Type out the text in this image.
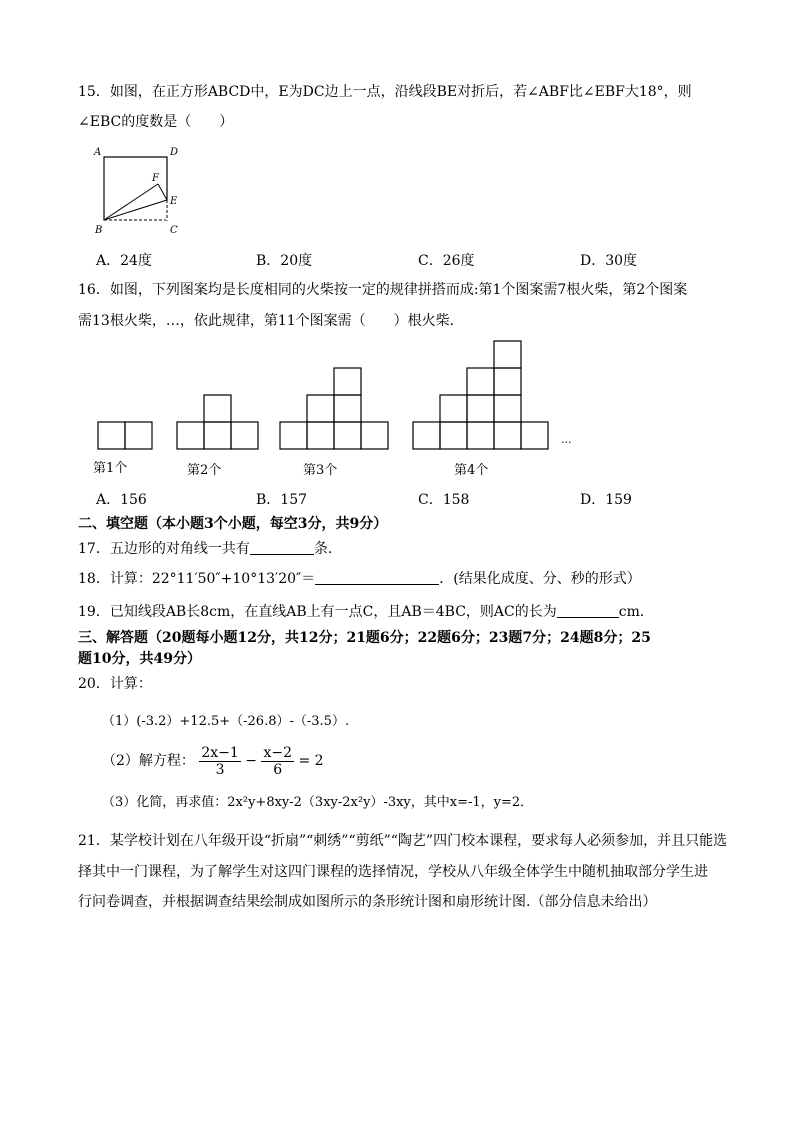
15．如图，在正方形ABCD中，E为DC边上一点，沿线段BE对折后，若∠ABF比∠EBF大18°，则
∠EBC的度数是（　　）
A	D
B	C
E
F
A．24度	B．20度	C．26度	D．30度
16．如图，下列图案均是长度相同的火柴按一定的规律拼搭而成:第1个图案需7根火柴，第2个图案
需13根火柴，…，依此规律，第11个图案需（　　）根火柴．
...
第1个	第2个	第3个	第4个
A．156	B．157	C．158	D．159
二、填空题（本小题3个小题，每空3分，共9分）
17．五边形的对角线一共有	条.
18．计算：22°11′50″+10°13′20″＝	．(结果化成度、分、秒的形式）
19．已知线段AB长8cm，在直线AB上有一点C，且AB＝4BC，则AC的长为	cm．
三、解答题（20题每小题12分，共12分；21题6分；22题6分；23题7分；24题8分；25
题10分，共49分）
20．计算：
（1）(-3.2）+12.5+（-26.8）-（-3.5）.
（2）解方程： $\frac{2x-1}{3} - \frac{x-2}{6} = 2$
（3）化简，再求值：2x²y+8xy-2（3xy-2x²y）-3xy，其中x=-1，y=2．
21．某学校计划在八年级开设“折扇”“刺绣”“剪纸”“陶艺”四门校本课程，要求每人必须参加，并且只能选
择其中一门课程，为了解学生对这四门课程的选择情况，学校从八年级全体学生中随机抽取部分学生进
行问卷调查，并根据调查结果绘制成如图所示的条形统计图和扇形统计图.（部分信息未给出）
